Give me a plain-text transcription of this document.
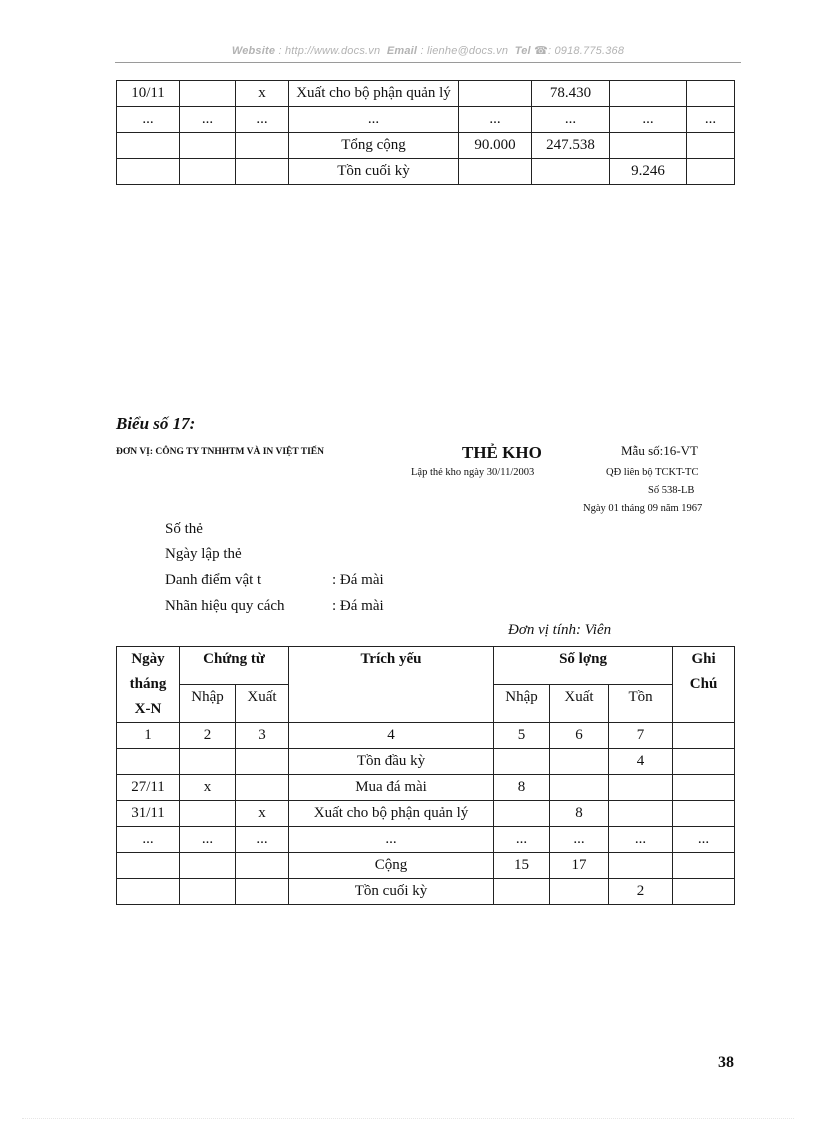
Website : http://www.docs.vn Email : lienhe@docs.vn Tel ☎: 0918.775.368
10/11		x	Xuất cho bộ phận quản lý		78.430		
...	...	...	...	...	...	...	...
			Tổng cộng	90.000	247.538		
			Tồn cuối kỳ			9.246	
Biểu số 17:
ĐƠN VỊ: CÔNG TY TNHHTM VÀ IN VIỆT TIẾN	THẺ KHO
Lập thẻ kho ngày 30/11/2003
Mẫu số:16-VT
QĐ liên bộ TCKT-TC
Số 538-LB
Ngày 01 tháng 09 năm 1967
Số thẻ
Ngày lập thẻ
Danh điểm vật t	: Đá mài
Nhãn hiệu quy cách	: Đá mài
Đơn vị tính: Viên
Ngày tháng X-N	Chứng từ		Trích yếu	Số lợng			Ghi Chú
	Nhập	Xuất		Nhập	Xuất	Tồn	
1	2	3	4	5	6	7	
			Tồn đầu kỳ			4	
27/11	x		Mua đá mài	8			
31/11		x	Xuất cho bộ phận quản lý		8		
...	...	...	...	...	...	...	...
			Cộng	15	17		
			Tồn cuối kỳ			2	
38
